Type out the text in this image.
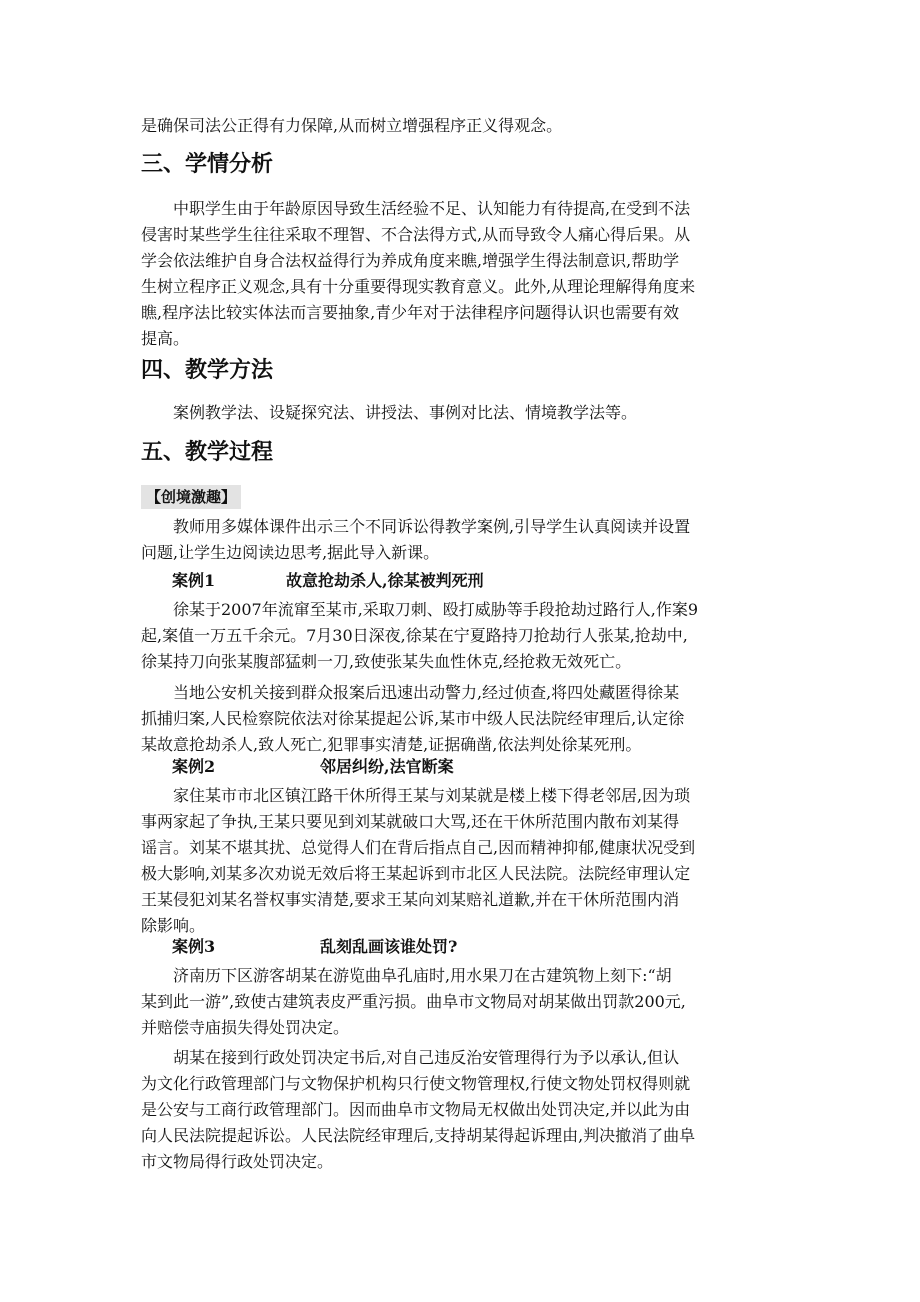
是确保司法公正得有力保障,从而树立增强程序正义得观念。
三、学情分析
中职学生由于年龄原因导致生活经验不足、认知能力有待提高,在受到不法
侵害时某些学生往往采取不理智、不合法得方式,从而导致令人痛心得后果。从
学会依法维护自身合法权益得行为养成角度来瞧,增强学生得法制意识,帮助学
生树立程序正义观念,具有十分重要得现实教育意义。此外,从理论理解得角度来
瞧,程序法比较实体法而言要抽象,青少年对于法律程序问题得认识也需要有效
提高。
四、教学方法
案例教学法、设疑探究法、讲授法、事例对比法、情境教学法等。
五、教学过程
【创境激趣】
教师用多媒体课件出示三个不同诉讼得教学案例,引导学生认真阅读并设置
问题,让学生边阅读边思考,据此导入新课。
案例1	故意抢劫杀人,徐某被判死刑
徐某于2007年流窜至某市,采取刀刺、殴打威胁等手段抢劫过路行人,作案9
起,案值一万五千余元。7月30日深夜,徐某在宁夏路持刀抢劫行人张某,抢劫中,
徐某持刀向张某腹部猛刺一刀,致使张某失血性休克,经抢救无效死亡。
当地公安机关接到群众报案后迅速出动警力,经过侦查,将四处藏匿得徐某
抓捕归案,人民检察院依法对徐某提起公诉,某市中级人民法院经审理后,认定徐
某故意抢劫杀人,致人死亡,犯罪事实清楚,证据确凿,依法判处徐某死刑。
案例2	邻居纠纷,法官断案
家住某市市北区镇江路干休所得王某与刘某就是楼上楼下得老邻居,因为琐
事两家起了争执,王某只要见到刘某就破口大骂,还在干休所范围内散布刘某得
谣言。刘某不堪其扰、总觉得人们在背后指点自己,因而精神抑郁,健康状况受到
极大影响,刘某多次劝说无效后将王某起诉到市北区人民法院。法院经审理认定
王某侵犯刘某名誉权事实清楚,要求王某向刘某赔礼道歉,并在干休所范围内消
除影响。
案例3	乱刻乱画该谁处罚?
济南历下区游客胡某在游览曲阜孔庙时,用水果刀在古建筑物上刻下:“胡
某到此一游”,致使古建筑表皮严重污损。曲阜市文物局对胡某做出罚款200元,
并赔偿寺庙损失得处罚决定。
胡某在接到行政处罚决定书后,对自己违反治安管理得行为予以承认,但认
为文化行政管理部门与文物保护机构只行使文物管理权,行使文物处罚权得则就
是公安与工商行政管理部门。因而曲阜市文物局无权做出处罚决定,并以此为由
向人民法院提起诉讼。人民法院经审理后,支持胡某得起诉理由,判决撤消了曲阜
市文物局得行政处罚决定。
